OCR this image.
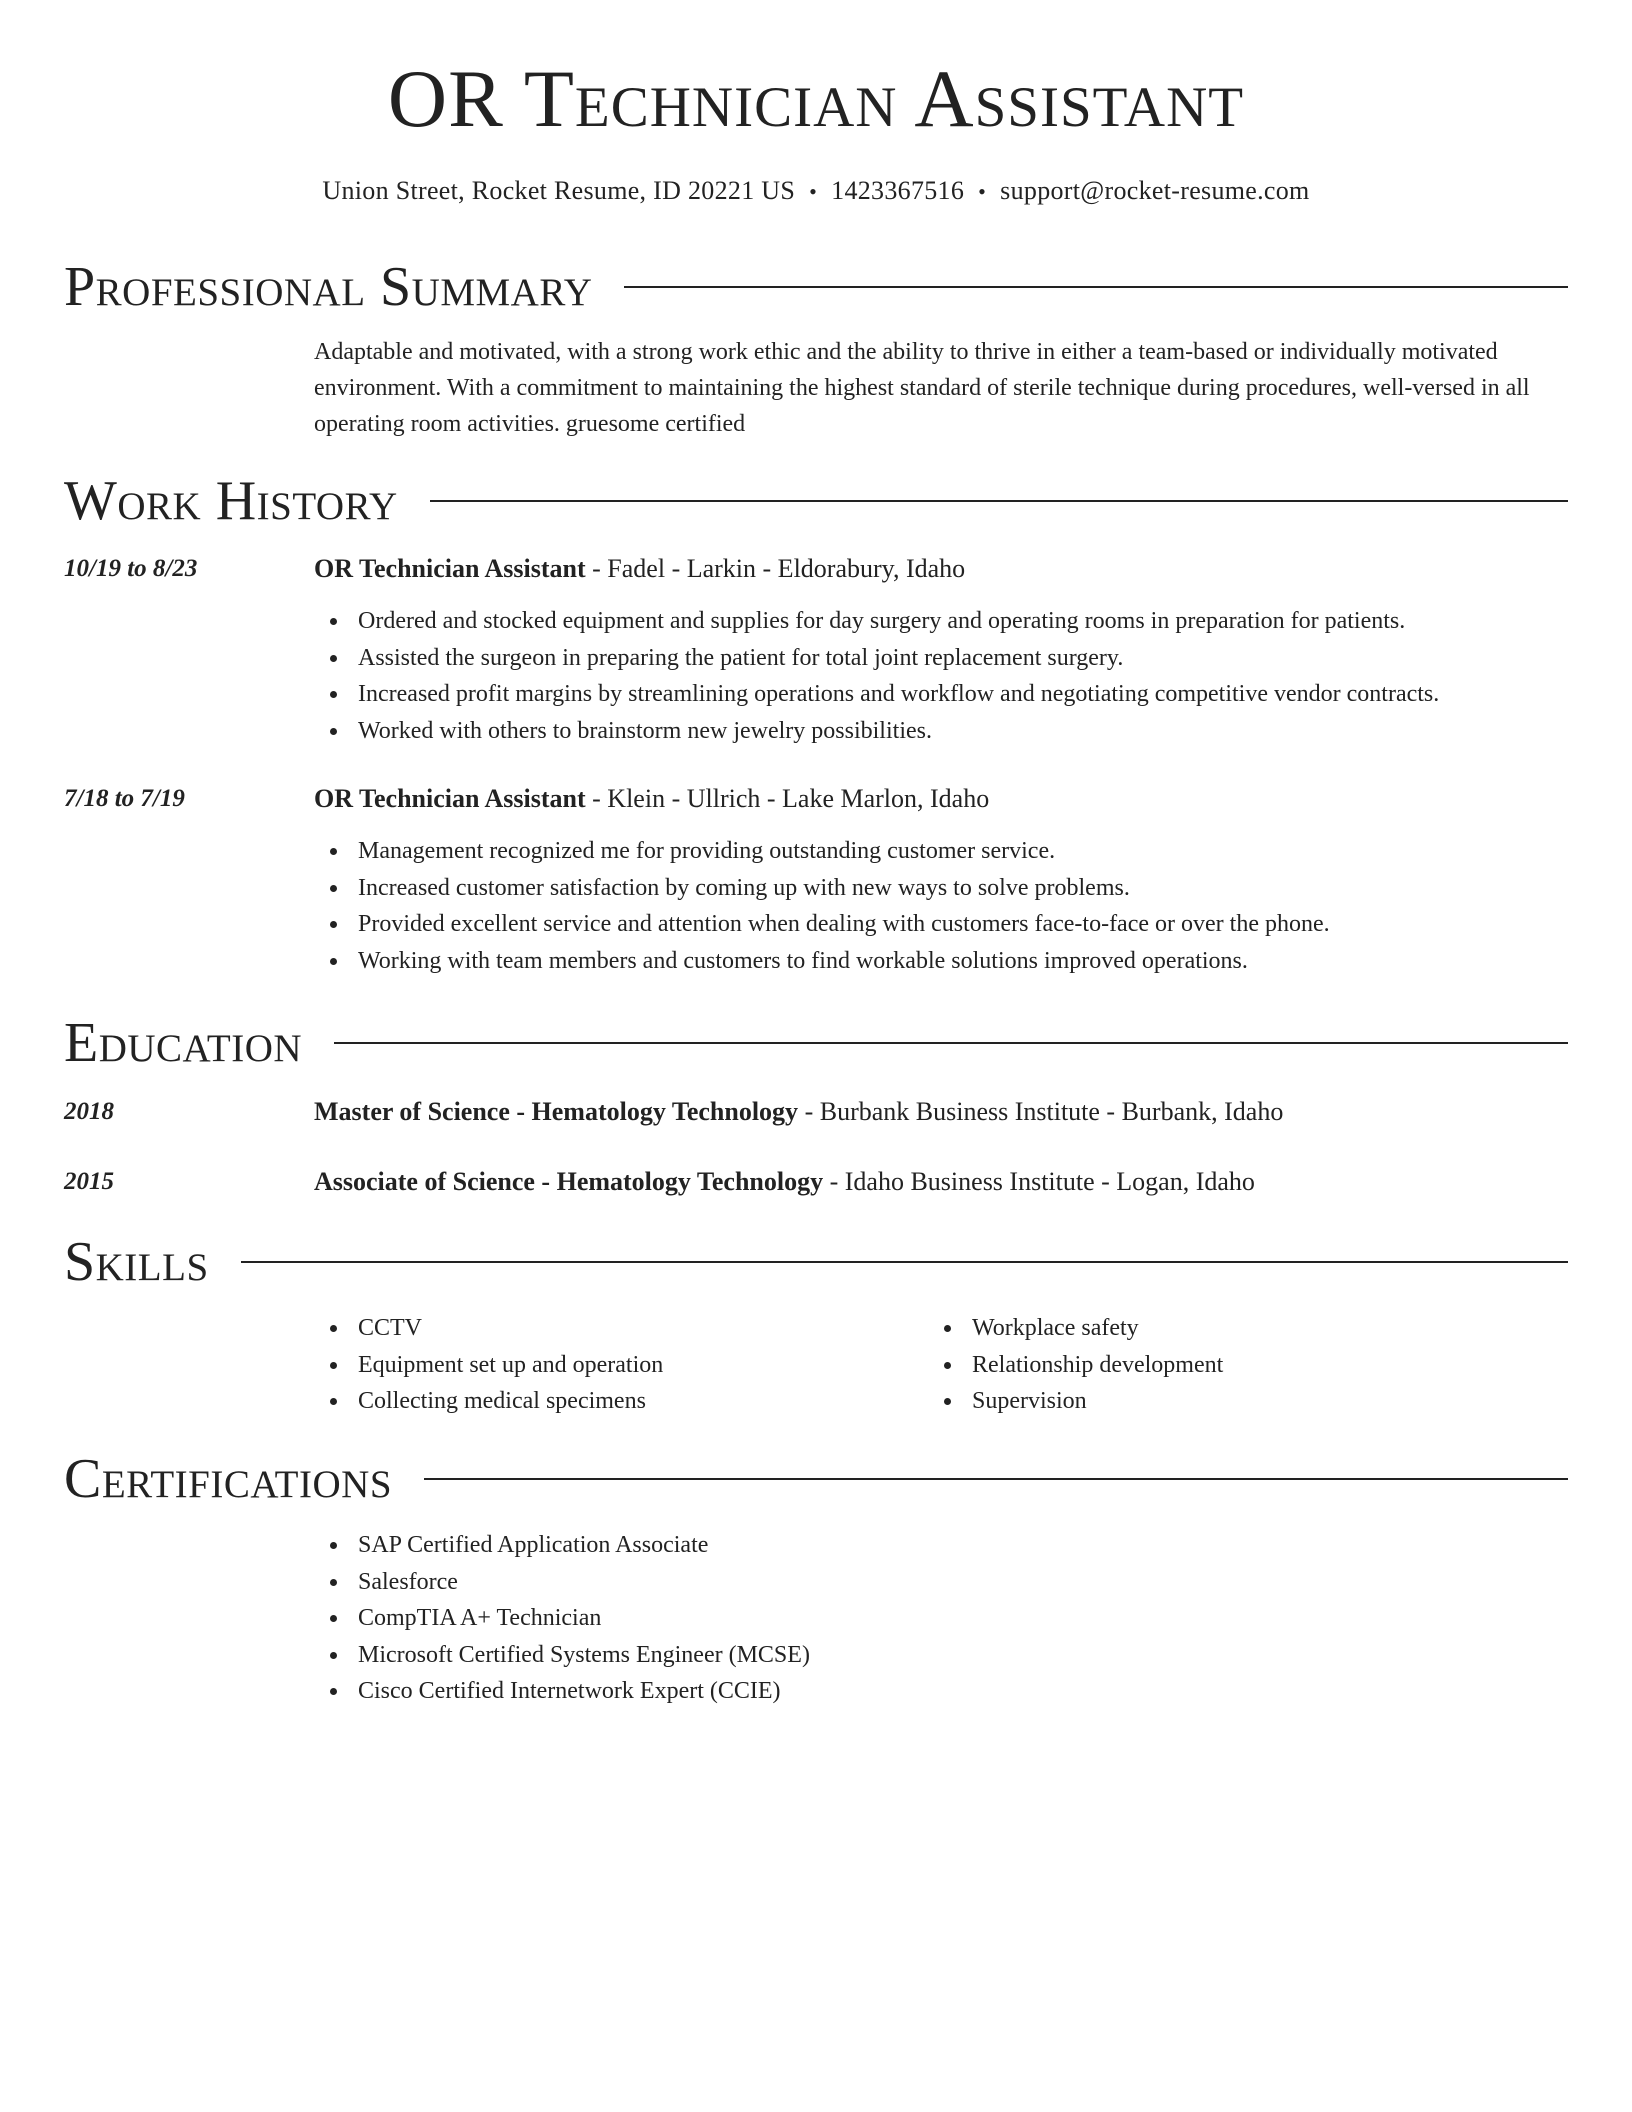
OR Technician Assistant
Union Street, Rocket Resume, ID 20221 US • 1423367516 • support@rocket-resume.com
Professional Summary

Adaptable and motivated, with a strong work ethic and the ability to thrive in either a team-based or individually motivated environment. With a commitment to maintaining the highest standard of sterile technique during procedures, well-versed in all operating room activities. gruesome certified

Work History
10/19 to 8/23	OR Technician Assistant - Fadel - Larkin - Eldorabury, Idaho
Ordered and stocked equipment and supplies for day surgery and operating rooms in preparation for patients.
Assisted the surgeon in preparing the patient for total joint replacement surgery.
Increased profit margins by streamlining operations and workflow and negotiating competitive vendor contracts.
Worked with others to brainstorm new jewelry possibilities.
7/18 to 7/19	OR Technician Assistant - Klein - Ullrich - Lake Marlon, Idaho
Management recognized me for providing outstanding customer service.
Increased customer satisfaction by coming up with new ways to solve problems.
Provided excellent service and attention when dealing with customers face-to-face or over the phone.
Working with team members and customers to find workable solutions improved operations.
Education
2018	Master of Science - Hematology Technology - Burbank Business Institute - Burbank, Idaho
2015	Associate of Science - Hematology Technology - Idaho Business Institute - Logan, Idaho
Skills
CCTV
Equipment set up and operation
Collecting medical specimens
Workplace safety
Relationship development
Supervision
Certifications
SAP Certified Application Associate
Salesforce
CompTIA A+ Technician
Microsoft Certified Systems Engineer (MCSE)
Cisco Certified Internetwork Expert (CCIE)
